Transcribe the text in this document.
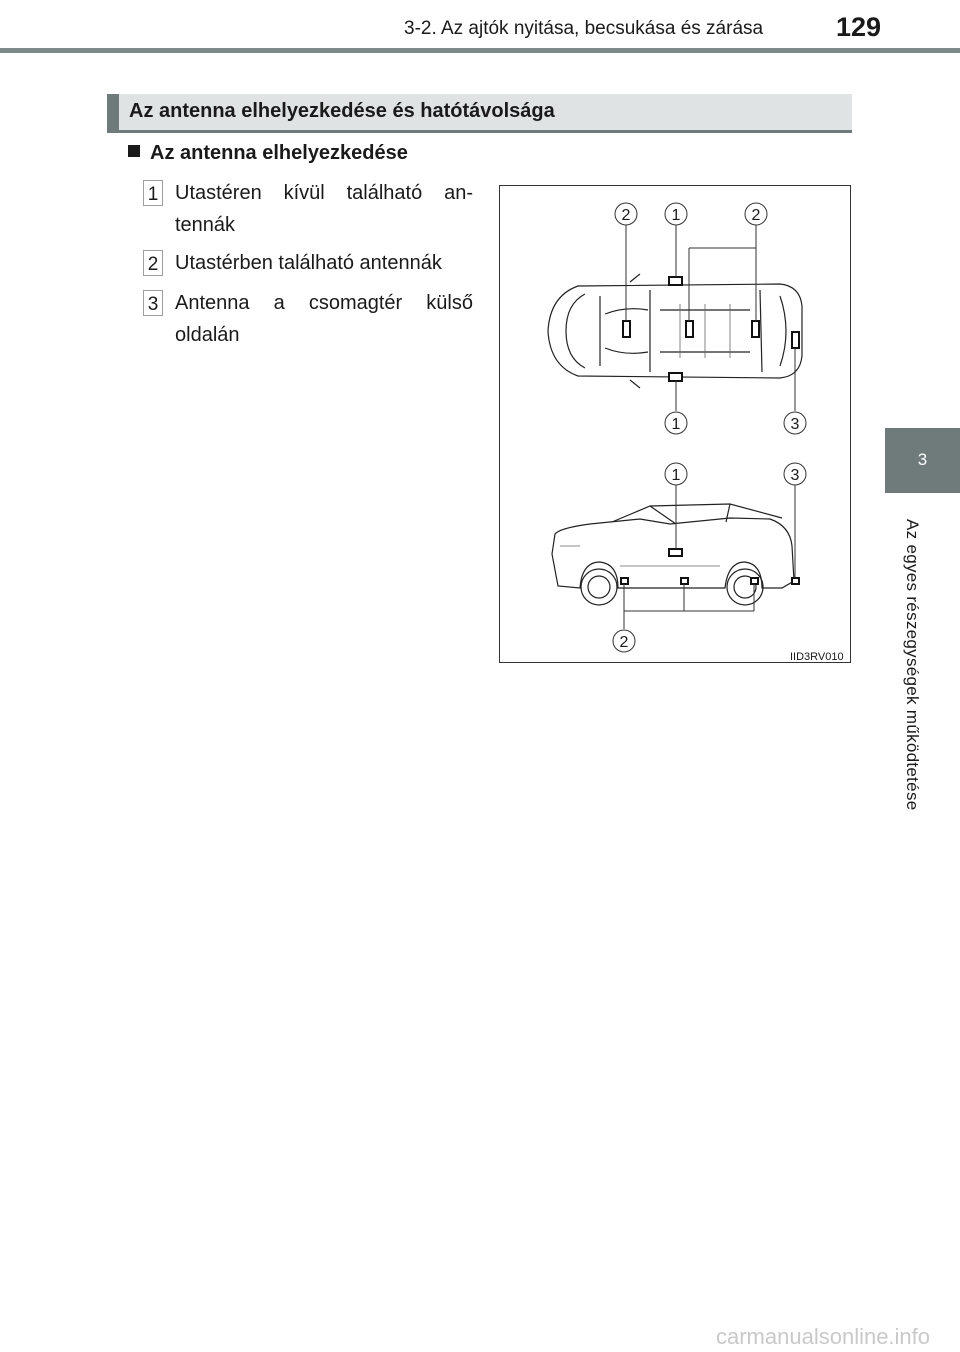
3-2. Az ajtók nyitása, becsukása és zárása	129
3
Az egyes részegységek működtetése
Az antenna elhelyezkedése és hatótávolsága
Az antenna elhelyezkedése
1 Utastéren kívül található an-
tennák
2 Utastérben található antennák
3 Antenna a csomagtér külső
oldalán
2	1	2
1	3
1	3
2
IID3RV010
carmanualsonline.info
